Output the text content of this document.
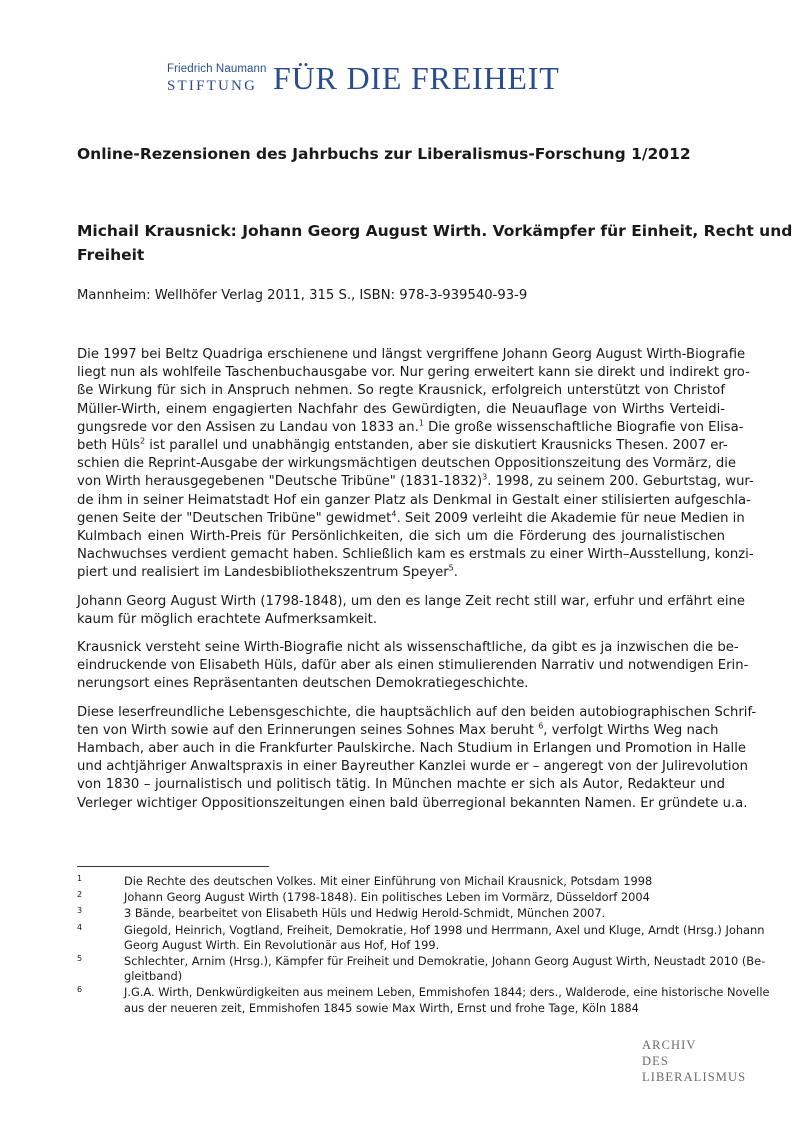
Friedrich Naumann
STIFTUNG FÜR DIE FREIHEIT
Online-Rezensionen des Jahrbuchs zur Liberalismus-Forschung 1/2012
Michail Krausnick: Johann Georg August Wirth. Vorkämpfer für Einheit, Recht und
Freiheit
Mannheim: Wellhöfer Verlag 2011, 315 S., ISBN: 978-3-939540-93-9
Die 1997 bei Beltz Quadriga erschienene und längst vergriffene Johann Georg August Wirth-Biografie
liegt nun als wohlfeile Taschenbuchausgabe vor. Nur gering erweitert kann sie direkt und indirekt gro-
ße Wirkung für sich in Anspruch nehmen. So regte Krausnick, erfolgreich unterstützt von Christof
Müller-Wirth, einem engagierten Nachfahr des Gewürdigten, die Neuauflage von Wirths Verteidi-
gungsrede vor den Assisen zu Landau von 1833 an.$^1$ Die große wissenschaftliche Biografie von Elisa-
beth Hüls$^2$ ist parallel und unabhängig entstanden, aber sie diskutiert Krausnicks Thesen. 2007 er-
schien die Reprint-Ausgabe der wirkungsmächtigen deutschen Oppositionszeitung des Vormärz, die
von Wirth herausgegebenen "Deutsche Tribüne" (1831-1832)$^3$. 1998, zu seinem 200. Geburtstag, wur-
de ihm in seiner Heimatstadt Hof ein ganzer Platz als Denkmal in Gestalt einer stilisierten aufgeschla-
genen Seite der "Deutschen Tribüne" gewidmet$^4$. Seit 2009 verleiht die Akademie für neue Medien in
Kulmbach einen Wirth-Preis für Persönlichkeiten, die sich um die Förderung des journalistischen
Nachwuchses verdient gemacht haben. Schließlich kam es erstmals zu einer Wirth–Ausstellung, konzi-
piert und realisiert im Landesbibliothekszentrum Speyer$^5$.
Johann Georg August Wirth (1798-1848), um den es lange Zeit recht still war, erfuhr und erfährt eine
kaum für möglich erachtete Aufmerksamkeit.
Krausnick versteht seine Wirth-Biografie nicht als wissenschaftliche, da gibt es ja inzwischen die be-
eindruckende von Elisabeth Hüls, dafür aber als einen stimulierenden Narrativ und notwendigen Erin-
nerungsort eines Repräsentanten deutschen Demokratiegeschichte.
Diese leserfreundliche Lebensgeschichte, die hauptsächlich auf den beiden autobiographischen Schrif-
ten von Wirth sowie auf den Erinnerungen seines Sohnes Max beruht $^6$, verfolgt Wirths Weg nach
Hambach, aber auch in die Frankfurter Paulskirche. Nach Studium in Erlangen und Promotion in Halle
und achtjähriger Anwaltspraxis in einer Bayreuther Kanzlei wurde er – angeregt von der Julirevolution
von 1830 – journalistisch und politisch tätig. In München machte er sich als Autor, Redakteur und
Verleger wichtiger Oppositionszeitungen einen bald überregional bekannten Namen. Er gründete u.a.
1	Die Rechte des deutschen Volkes. Mit einer Einführung von Michail Krausnick, Potsdam 1998
2	Johann Georg August Wirth (1798-1848). Ein politisches Leben im Vormärz, Düsseldorf 2004
3	3 Bände, bearbeitet von Elisabeth Hüls und Hedwig Herold-Schmidt, München 2007.
4	Giegold, Heinrich, Vogtland, Freiheit, Demokratie, Hof 1998 und Herrmann, Axel und Kluge, Arndt (Hrsg.) Johann
Georg August Wirth. Ein Revolutionär aus Hof, Hof 199.
5	Schlechter, Arnim (Hrsg.), Kämpfer für Freiheit und Demokratie, Johann Georg August Wirth, Neustadt 2010 (Be-
gleitband)
6	J.G.A. Wirth, Denkwürdigkeiten aus meinem Leben, Emmishofen 1844; ders., Walderode, eine historische Novelle
aus der neueren zeit, Emmishofen 1845 sowie Max Wirth, Ernst und frohe Tage, Köln 1884
ARCHIV
DES
LIBERALISMUS
